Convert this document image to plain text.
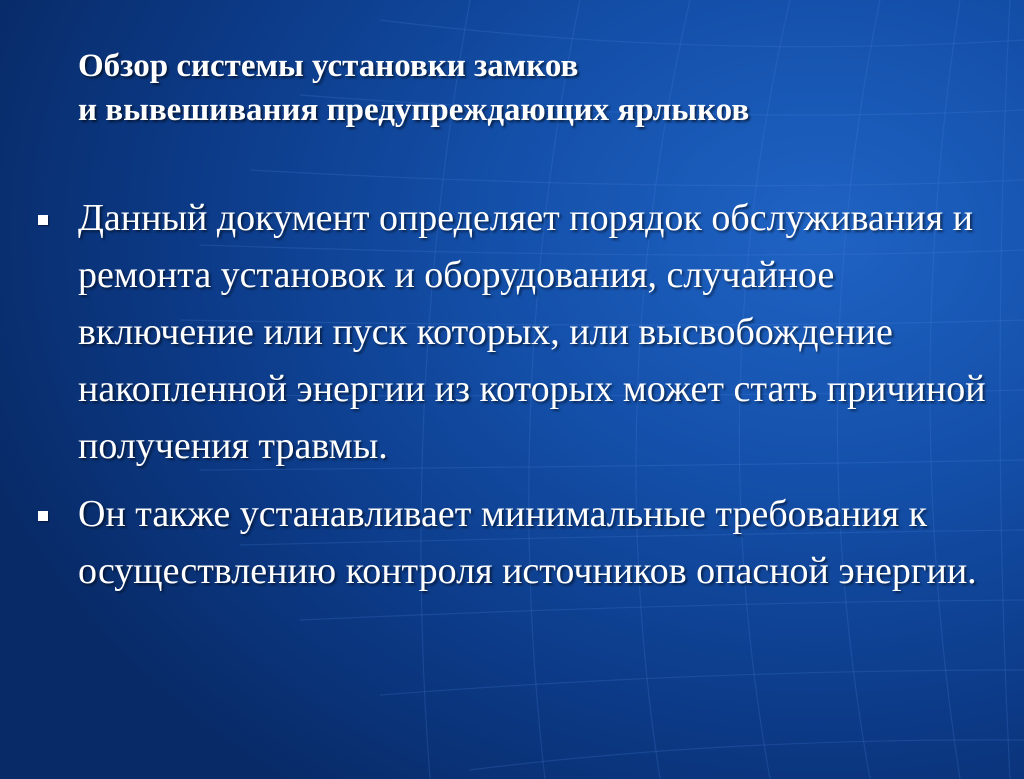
Обзор системы установки замков
и вывешивания предупреждающих ярлыков
Данный документ определяет порядок обслуживания и ремонта установок и оборудования, случайное включение или пуск которых, или высвобождение накопленной энергии из которых может стать причиной получения травмы.
Он также устанавливает минимальные требования к осуществлению контроля источников опасной энергии.
